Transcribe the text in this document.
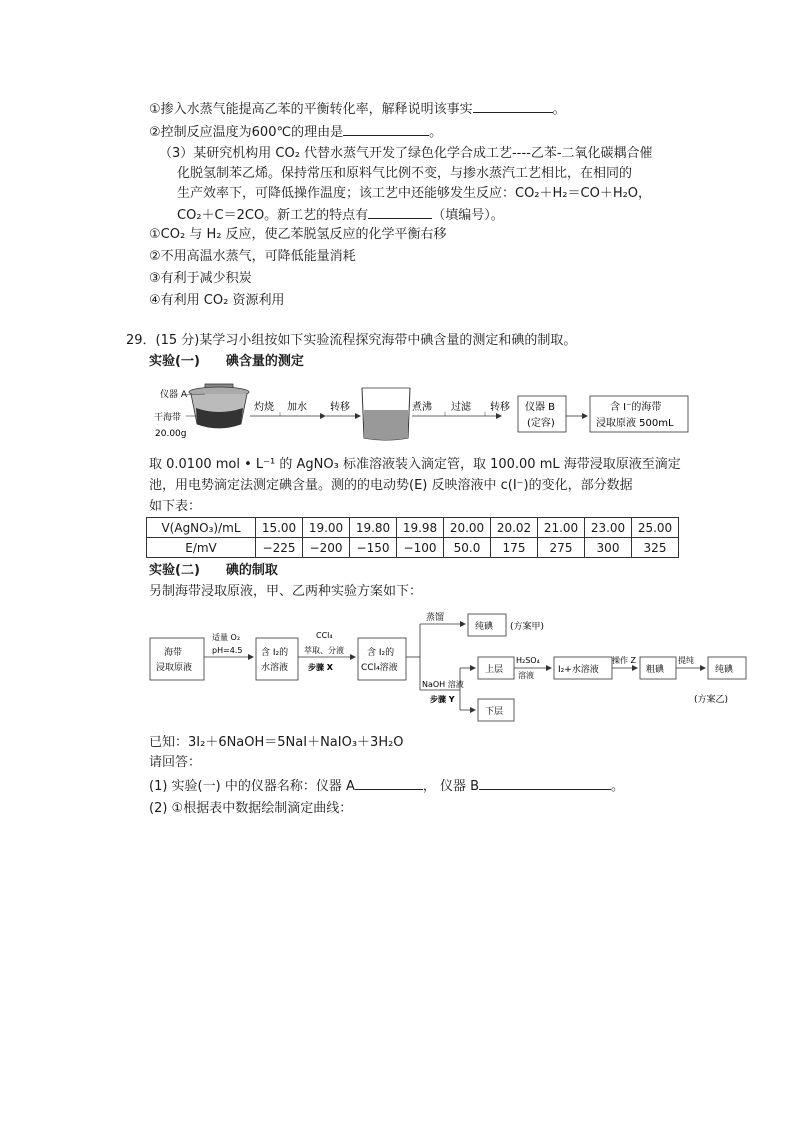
①掺入水蒸气能提高乙苯的平衡转化率，解释说明该事实	。
②控制反应温度为600℃的理由是	。
（3）某研究机构用 CO₂ 代替水蒸气开发了绿色化学合成工艺----乙苯-二氧化碳耦合催
化脱氢制苯乙烯。保持常压和原料气比例不变，与掺水蒸汽工艺相比，在相同的
生产效率下，可降低操作温度；该工艺中还能够发生反应：CO₂＋H₂＝CO＋H₂O，
CO₂＋C＝2CO。新工艺的特点有	（填编号）。
①CO₂ 与 H₂ 反应，使乙苯脱氢反应的化学平衡右移
②不用高温水蒸气，可降低能量消耗
③有利于减少积炭
④有利用 CO₂ 资源利用
29．(15 分)某学习小组按如下实验流程探究海带中碘含量的测定和碘的制取。
实验(一)　　碘含量的测定
仪器 A
干海带
20.00g
灼烧 加水 转移	煮沸 过滤 转移 仪器 B
(定容)
含 I⁻的海带
浸取原液 500mL
取 0.0100 mol • L⁻¹ 的 AgNO₃ 标准溶液装入滴定管，取 100.00 mL 海带浸取原液至滴定
池，用电势滴定法测定碘含量。测的的电动势(E) 反映溶液中 c(I⁻)的变化，部分数据
如下表：
V(AgNO₃)/mL	15.00	19.00	19.80	19.98	20.00	20.02	21.00	23.00	25.00
E/mV	−225	−200	−150	−100	50.0	175	275	300	325
实验(二)　　碘的制取
另制海带浸取原液，甲、乙两种实验方案如下：
海带
浸取原液
适量 O₂
pH=4.5 含 I₂的
水溶液
CCl₄
萃取、分液
步骤 X
含 I₂的
CCl₄溶液
蒸馏
纯碘 (方案甲)
NaOH 溶液
步骤 Y
上层
下层
H₂SO₄
溶液
I₂+水溶液
操作 Z
粗碘
提纯
纯碘
(方案乙)
已知：3I₂＋6NaOH＝5NaI＋NaIO₃＋3H₂O
请回答：
(1) 实验(一) 中的仪器名称：仪器 A	， 仪器 B	。
(2) ①根据表中数据绘制滴定曲线：
